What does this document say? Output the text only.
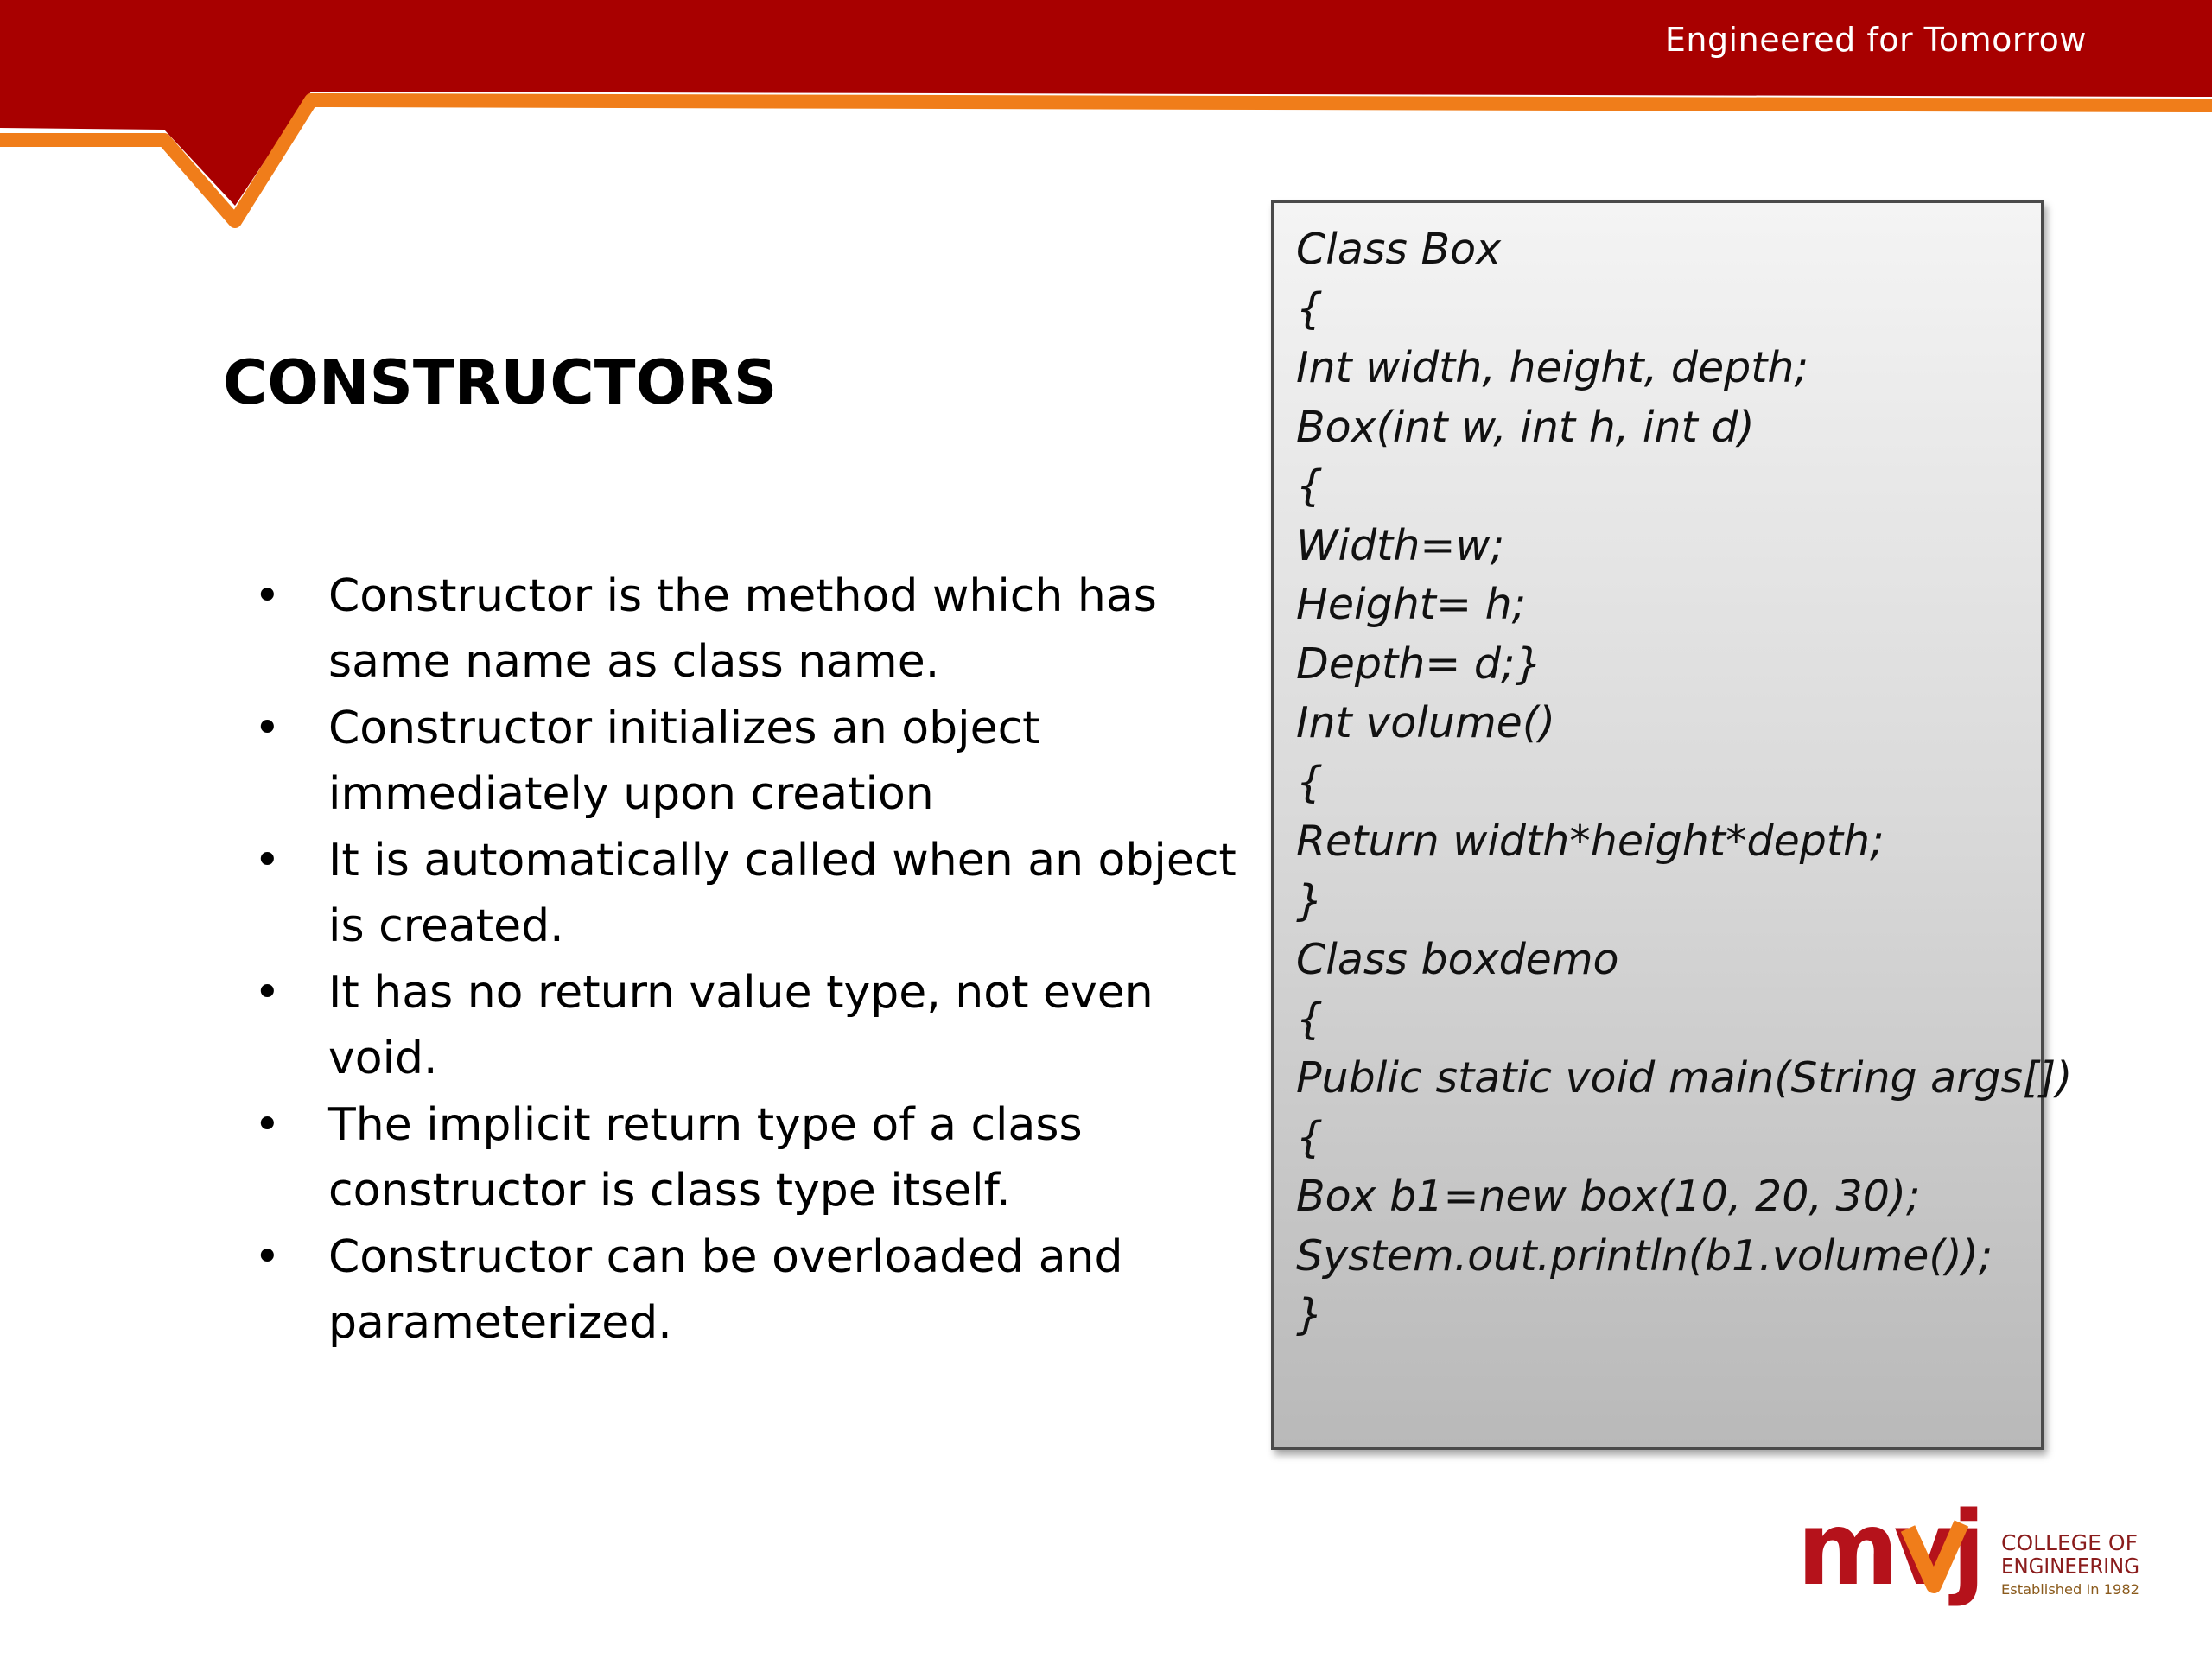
Engineered for Tomorrow
CONSTRUCTORS
• Constructor is the method which has same name as class name.
• Constructor initializes an object immediately upon creation
• It is automatically called when an object is created.
• It has no return value type, not even void.
• The implicit return type of a class constructor is class type itself.
• Constructor can be overloaded and parameterized.
Class Box
{
Int width, height, depth;
Box(int w, int h, int d)
{
Width=w;
Height= h;
Depth= d;}
Int volume()
{
Return width*height*depth;
}
Class boxdemo
{
Public static void main(String args[])
{
Box b1=new box(10, 20, 30);
System.out.println(b1.volume());
}
mvj COLLEGE OF
ENGINEERING
Established In 1982
